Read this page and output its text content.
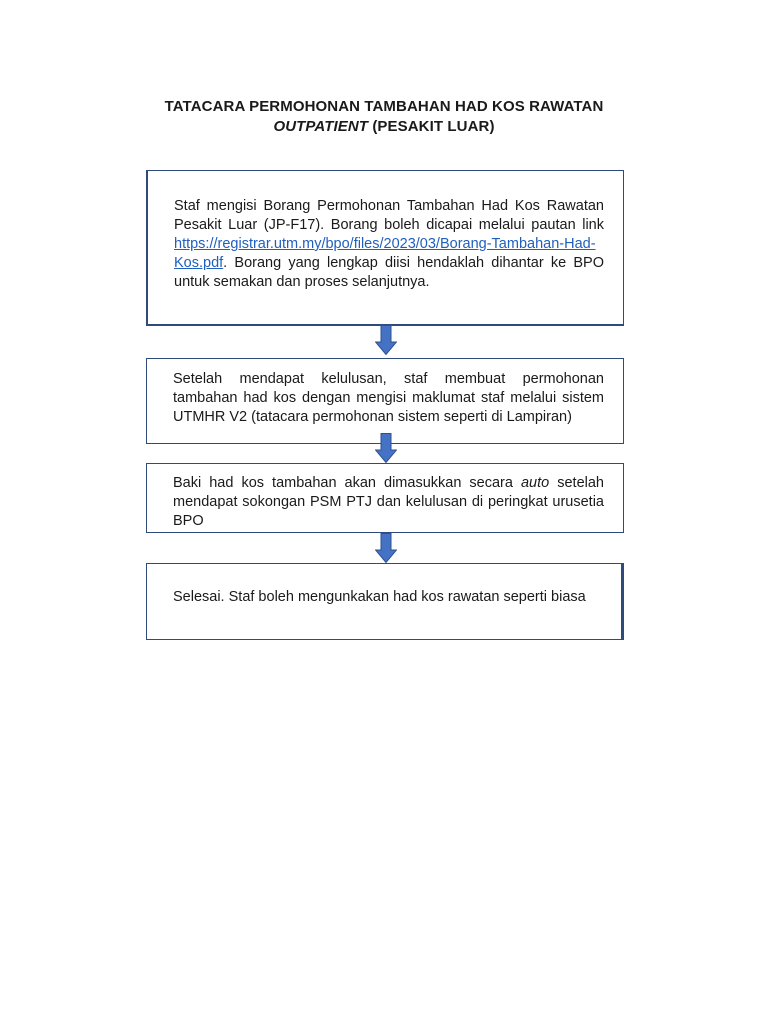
TATACARA PERMOHONAN TAMBAHAN HAD KOS RAWATAN
OUTPATIENT (PESAKIT LUAR)
Staf mengisi Borang Permohonan Tambahan Had Kos Rawatan Pesakit Luar (JP-F17). Borang boleh dicapai melalui pautan link https://registrar.utm.my/bpo/files/2023/03/Borang-Tambahan-Had-Kos.pdf. Borang yang lengkap diisi hendaklah dihantar ke BPO untuk semakan dan proses selanjutnya.
Setelah mendapat kelulusan, staf membuat permohonan tambahan had kos dengan mengisi maklumat staf melalui sistem UTMHR V2 (tatacara permohonan sistem seperti di Lampiran)
Baki had kos tambahan akan dimasukkan secara auto setelah mendapat sokongan PSM PTJ dan kelulusan di peringkat urusetia BPO
Selesai. Staf boleh mengunkakan had kos rawatan seperti biasa
